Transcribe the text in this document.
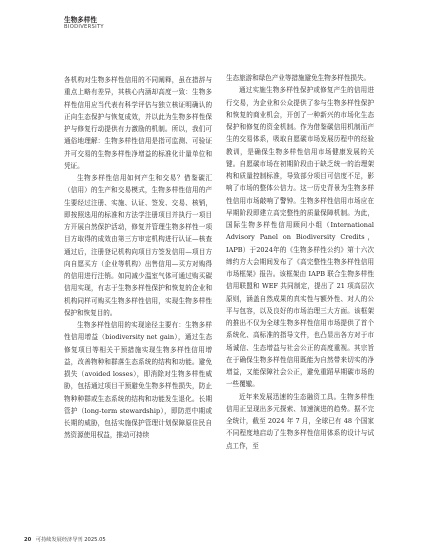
生物多样性
BIODIVERSITY

各机构对生物多样性信用的不同阐释，虽在措辞与重点上略有差异，其核心内涵却高度一致：生物多样性信用应当代表有科学评估与独立核证明确认的正向生态保护与恢复成效，并以此为生物多样性保护与修复行动提供有力激励的机制。所以，我们可通俗地理解：生物多样性信用是指可监测、可验证并可交易的生物多样性净增益的标准化计量单位和凭证。

生物多样性信用如何产生和交易？借鉴碳汇（信用）的生产和交易模式，生物多样性信用的产生要经过注册、实施、认证、签发、交易、核销，即按照选用的标准和方法学注册项目并执行一项目方开展自然保护活动，修复并管理生物多样性一项目方取得的成效由第三方审定机构进行认证—核查通过后，注册登记机构向项目方签发信用—项目方向自愿买方（企业等机构）出售信用—买方对购得的信用进行注销。如同减少温室气体可通过购买碳信用实现，有志于生物多样性保护和恢复的企业和机构同样可购买生物多样性信用，实现生物多样性保护和恢复目的。

生物多样性信用的实现途径主要有：生物多样性信用增益（biodiversity net gain），通过生态修复项目等相关干预措施实现生物多样性信用增益，改善物种和群落生态系统的结构和功能。避免损失（avoided losses），即消除对生物多样性威胁，包括通过项目干预避免生物多样性损失，防止物种种群或生态系统的结构和功能发生退化。长期管护（long-term stewardship），即防范中期或长期的威胁，包括实施保护管理计划保障原住民自然资源使用权益，推动可持续

生态旅游和绿色产业等措施避免生物多样性损失。

通过实施生物多样性保护或修复产生的信用进行交易，为企业和公众提供了参与生物多样性保护和恢复的商业机会，开创了一种新兴的市场化生态保护和修复的资金机制。作为借鉴碳信用机制而产生的交易体系，吸取自愿碳市场发展历程中的经验教训，是确保生物多样性信用市场健康发展的关键。自愿碳市场在初期阶段由于缺乏统一的治理架构和质量控制标准，导致部分项目可信度不足，影响了市场的整体公信力。这一历史背景为生物多样性信用市场敲响了警钟。生物多样性信用市场应在早期阶段即建立高完整性的质量保障机制。为此，国际生物多样性信用顾问小组（International Advisory Panel on Biodiversity Credits，IAPB）于2024年的《生物多样性公约》第十六次缔约方大会期间发布了《高完整性生物多样性信用市场框架》报告。该框架由 IAPB 联合生物多样性信用联盟和 WEF 共同制定，提出了 21 项高层次原则，涵盖自然成果的真实性与额外性、对人的公平与包容，以及良好的市场治理三大方面。该框架的推出不仅为全球生物多样性信用市场提供了首个系统化、高标准的指导文件，也凸显出各方对于市场诚信、生态增益与社会公正的高度重视。其宗旨在于确保生物多样性信用既能为自然带来切实的净增益，又能保障社会公正，避免重蹈早期碳市场的一些覆辙。

近年来发展迅速的生态融资工具。生物多样性信用正呈现出多元探索、加速演进的趋势。据不完全统计，截至 2024 年 7 月，全球已有 48 个国家不同程度地启动了生物多样性信用体系的设计与试点工作，至

20 可持续发展经济导刊 2025.05
